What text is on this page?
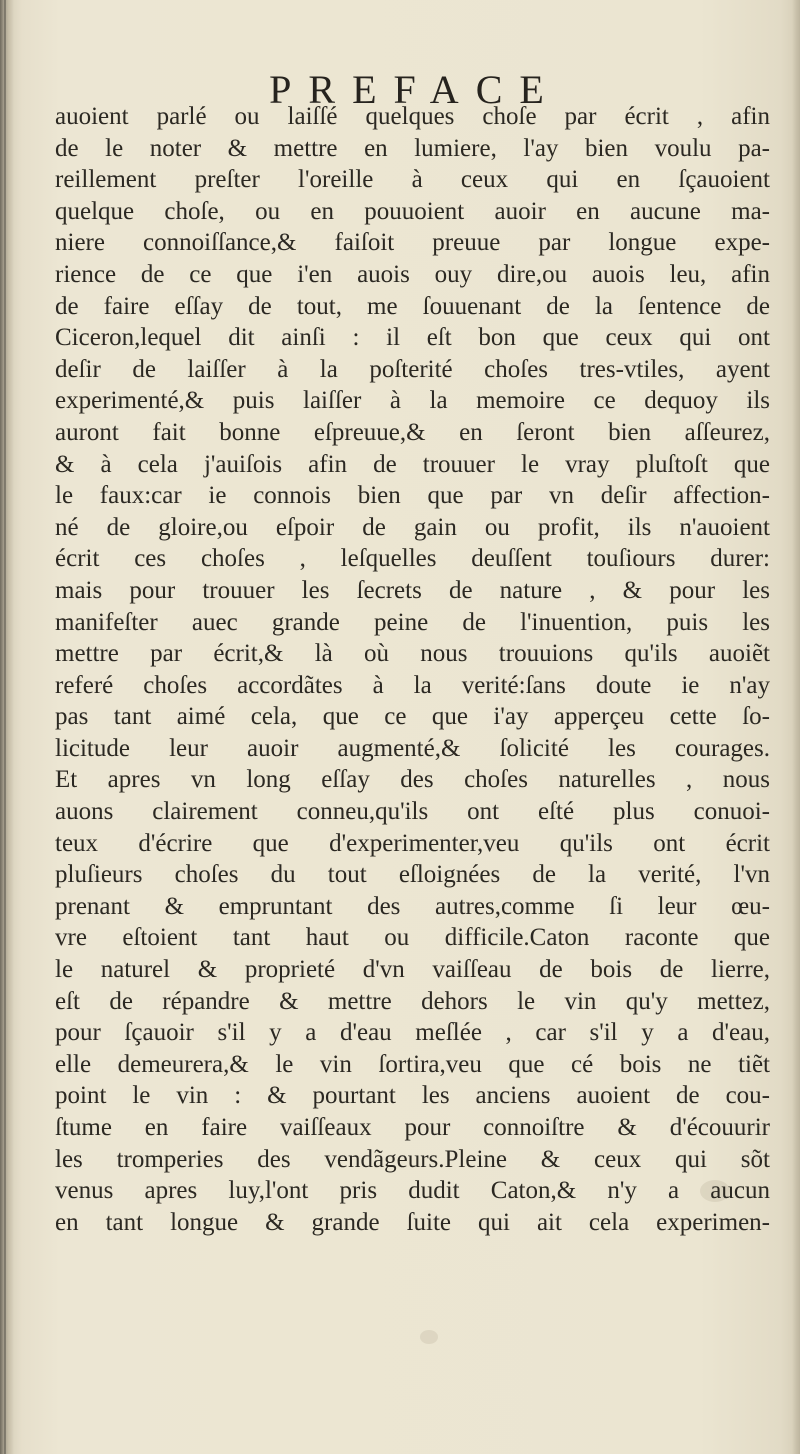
PREFACE
auoient parlé ou laiſſé quelques choſe par écrit , afin
de le noter & mettre en lumiere, l'ay bien voulu pa-
reillement preſter l'oreille à ceux qui en ſçauoient
quelque choſe, ou en pouuoient auoir en aucune ma-
niere connoiſſance,& faiſoit preuue par longue expe-
rience de ce que i'en auois ouy dire,ou auois leu, afin
de faire eſſay de tout, me ſouuenant de la ſentence de
Ciceron,lequel dit ainſi : il eſt bon que ceux qui ont
deſir de laiſſer à la poſterité choſes tres-vtiles, ayent
experimenté,& puis laiſſer à la memoire ce dequoy ils
auront fait bonne eſpreuue,& en ſeront bien aſſeurez,
& à cela j'auiſois afin de trouuer le vray pluſtoſt que
le faux:car ie connois bien que par vn deſir affection-
né de gloire,ou eſpoir de gain ou profit, ils n'auoient
écrit ces choſes , leſquelles deuſſent touſiours durer:
mais pour trouuer les ſecrets de nature , & pour les
manifeſter auec grande peine de l'inuention, puis les
mettre par écrit,& là où nous trouuions qu'ils auoiẽt
referé choſes accordãtes à la verité:ſans doute ie n'ay
pas tant aimé cela, que ce que i'ay apperçeu cette ſo-
licitude leur auoir augmenté,& ſolicité les courages.
Et apres vn long eſſay des choſes naturelles , nous
auons clairement conneu,qu'ils ont eſté plus conuoi-
teux d'écrire que d'experimenter,veu qu'ils ont écrit
pluſieurs choſes du tout eſloignées de la verité, l'vn
prenant & empruntant des autres,comme ſi leur œu-
vre eſtoient tant haut ou difficile.Caton raconte que
le naturel & proprieté d'vn vaiſſeau de bois de lierre,
eſt de répandre & mettre dehors le vin qu'y mettez,
pour ſçauoir s'il y a d'eau meſlée , car s'il y a d'eau,
elle demeurera,& le vin ſortira,veu que cé bois ne tiẽt
point le vin : & pourtant les anciens auoient de cou-
ſtume en faire vaiſſeaux pour connoiſtre & d'écouurir
les tromperies des vendãgeurs.Pleine & ceux qui sõt
venus apres luy,l'ont pris dudit Caton,& n'y a aucun
en tant longue & grande ſuite qui ait cela experimen-
